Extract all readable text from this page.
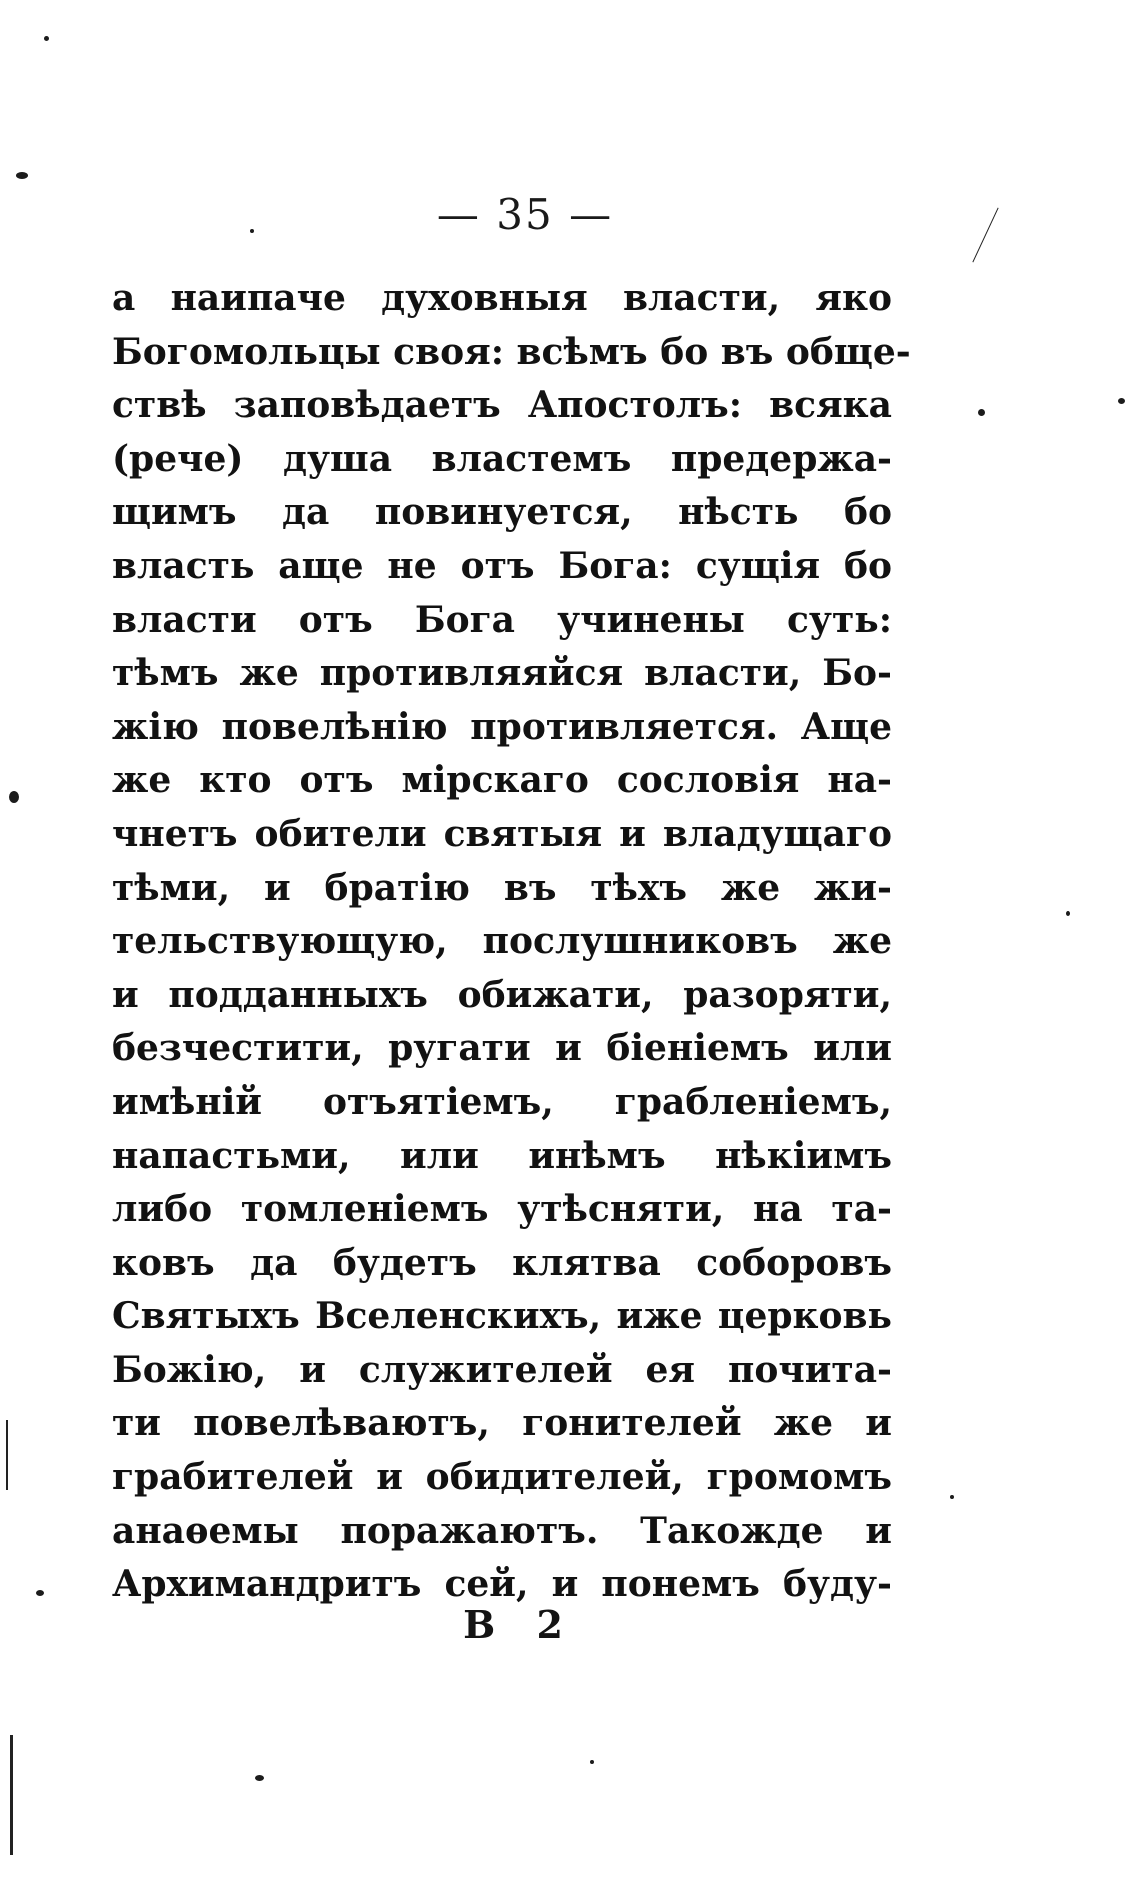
— 35 —
а наипаче духовныя власти, яко
Богомольцы своя: всѣмъ бо въ обще-
ствѣ заповѣдаетъ Апостолъ: всяка
(рече) душа властемъ предержа-
щимъ да повинуется, нѣсть бо
власть аще не отъ Бога: сущія бо
власти отъ Бога учинены суть:
тѣмъ же противляяйся власти, Бо-
жію повелѣнію противляется. Аще
же кто отъ мірскаго сословія на-
чнетъ обители святыя и владущаго
тѣми, и братію въ тѣхъ же жи-
тельствующую, послушниковъ же
и подданныхъ обижати, разоряти,
безчестити, ругати и біеніемъ или
имѣній отъятіемъ, грабленіемъ,
напастьми, или инѣмъ нѣкіимъ
либо томленіемъ утѣсняти, на та-
ковъ да будетъ клятва соборовъ
Святыхъ Вселенскихъ, иже церковь
Божію, и служителей ея почита-
ти повелѣваютъ, гонителей же и
грабителей и обидителей, громомъ
анаѳемы поражаютъ. Такожде и
Архимандритъ сей, и понемъ буду-
В 2
